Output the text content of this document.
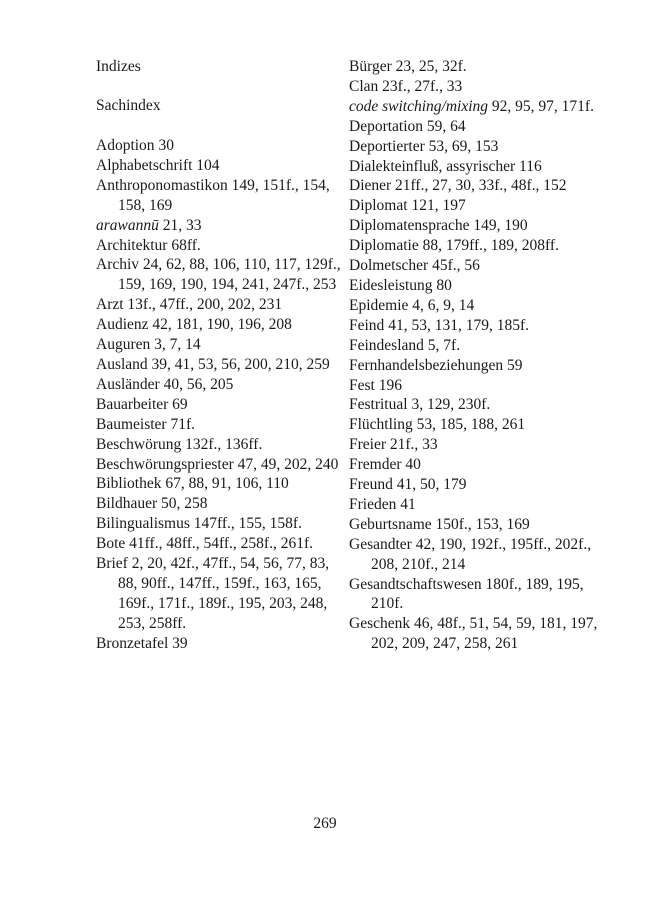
Indizes
Sachindex
Adoption 30
Alphabetschrift 104
Anthroponomastikon 149, 151f., 154, 158, 169
arawannū 21, 33
Architektur 68ff.
Archiv 24, 62, 88, 106, 110, 117, 129f., 159, 169, 190, 194, 241, 247f., 253
Arzt 13f., 47ff., 200, 202, 231
Audienz 42, 181, 190, 196, 208
Auguren 3, 7, 14
Ausland 39, 41, 53, 56, 200, 210, 259
Ausländer 40, 56, 205
Bauarbeiter 69
Baumeister 71f.
Beschwörung 132f., 136ff.
Beschwörungspriester 47, 49, 202, 240
Bibliothek 67, 88, 91, 106, 110
Bildhauer 50, 258
Bilingualismus 147ff., 155, 158f.
Bote 41ff., 48ff., 54ff., 258f., 261f.
Brief 2, 20, 42f., 47ff., 54, 56, 77, 83, 88, 90ff., 147ff., 159f., 163, 165, 169f., 171f., 189f., 195, 203, 248, 253, 258ff.
Bronzetafel 39
Bürger 23, 25, 32f.
Clan 23f., 27f., 33
code switching/mixing 92, 95, 97, 171f.
Deportation 59, 64
Deportierter 53, 69, 153
Dialekteinfluß, assyrischer 116
Diener 21ff., 27, 30, 33f., 48f., 152
Diplomat 121, 197
Diplomatensprache 149, 190
Diplomatie 88, 179ff., 189, 208ff.
Dolmetscher 45f., 56
Eidesleistung 80
Epidemie 4, 6, 9, 14
Feind 41, 53, 131, 179, 185f.
Feindesland 5, 7f.
Fernhandelsbeziehungen 59
Fest 196
Festritual 3, 129, 230f.
Flüchtling 53, 185, 188, 261
Freier 21f., 33
Fremder 40
Freund 41, 50, 179
Frieden 41
Geburtsname 150f., 153, 169
Gesandter 42, 190, 192f., 195ff., 202f., 208, 210f., 214
Gesandtschaftswesen 180f., 189, 195, 210f.
Geschenk 46, 48f., 51, 54, 59, 181, 197, 202, 209, 247, 258, 261
269
